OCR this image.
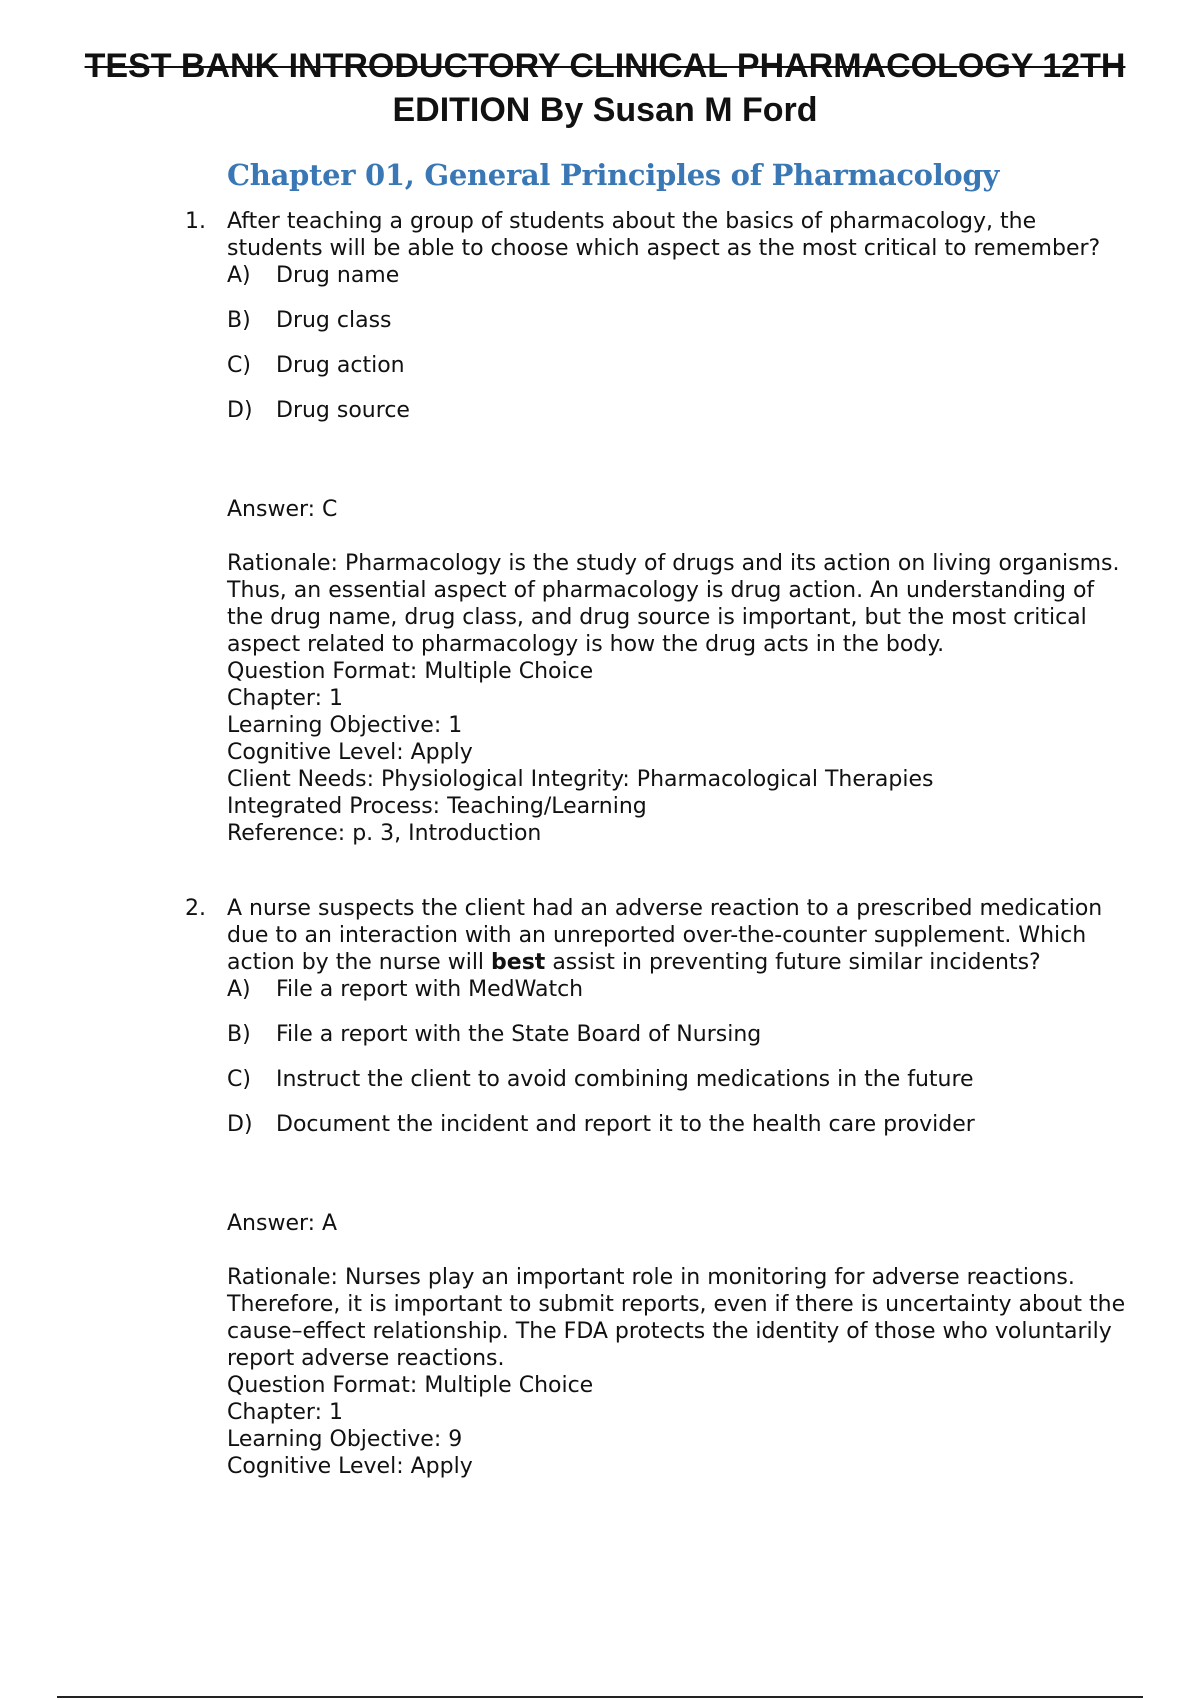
TEST BANK INTRODUCTORY CLINICAL PHARMACOLOGY 12TH
EDITION By Susan M Ford
Chapter 01, General Principles of Pharmacology
1. After teaching a group of students about the basics of pharmacology, the students will be able to choose which aspect as the most critical to remember?
A)	Drug name
B)	Drug class
C)	Drug action
D)	Drug source
Answer: C
Rationale: Pharmacology is the study of drugs and its action on living organisms. Thus, an essential aspect of pharmacology is drug action. An understanding of the drug name, drug class, and drug source is important, but the most critical aspect related to pharmacology is how the drug acts in the body.
Question Format: Multiple Choice
Chapter: 1
Learning Objective: 1
Cognitive Level: Apply
Client Needs: Physiological Integrity: Pharmacological Therapies
Integrated Process: Teaching/Learning
Reference: p. 3, Introduction
2. A nurse suspects the client had an adverse reaction to a prescribed medication due to an interaction with an unreported over-the-counter supplement. Which action by the nurse will best assist in preventing future similar incidents?
A)	File a report with MedWatch
B)	File a report with the State Board of Nursing
C)	Instruct the client to avoid combining medications in the future
D)	Document the incident and report it to the health care provider
Answer: A
Rationale: Nurses play an important role in monitoring for adverse reactions. Therefore, it is important to submit reports, even if there is uncertainty about the cause–effect relationship. The FDA protects the identity of those who voluntarily report adverse reactions.
Question Format: Multiple Choice
Chapter: 1
Learning Objective: 9
Cognitive Level: Apply
